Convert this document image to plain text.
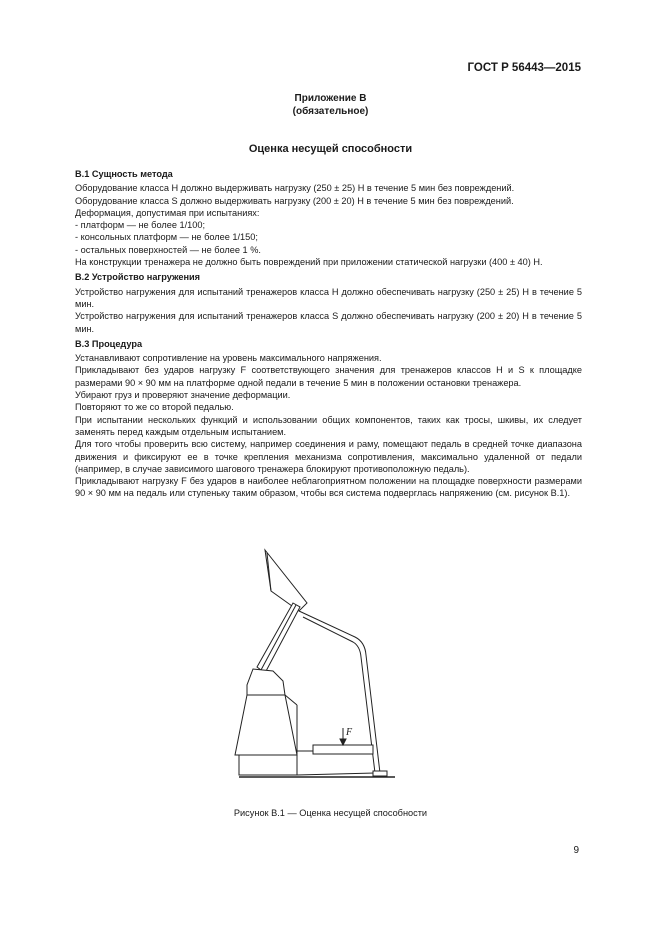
ГОСТ Р 56443—2015
Приложение В
(обязательное)
Оценка несущей способности

В.1 Сущность метода

Оборудование класса H должно выдерживать нагрузку (250 ± 25) Н в течение 5 мин без повреждений.

Оборудование класса S должно выдерживать нагрузку (200 ± 20) Н в течение 5 мин без повреждений.

Деформация, допустимая при испытаниях:

- платформ — не более 1/100;

- консольных платформ — не более 1/150;

- остальных поверхностей — не более 1 %.

На конструкции тренажера не должно быть повреждений при приложении статической нагрузки (400 ± 40) Н.

В.2 Устройство нагружения

Устройство нагружения для испытаний тренажеров класса H должно обеспечивать нагрузку (250 ± 25) Н в течение 5 мин.

Устройство нагружения для испытаний тренажеров класса S должно обеспечивать нагрузку (200 ± 20) Н в течение 5 мин.

В.3 Процедура

Устанавливают сопротивление на уровень максимального напряжения.

Прикладывают без ударов нагрузку F соответствующего значения для тренажеров классов H и S к площадке размерами 90 × 90 мм на платформе одной педали в течение 5 мин в положении остановки тренажера.

Убирают груз и проверяют значение деформации.

Повторяют то же со второй педалью.

При испытании нескольких функций и использовании общих компонентов, таких как тросы, шкивы, их следует заменять перед каждым отдельным испытанием.

Для того чтобы проверить всю систему, например соединения и раму, помещают педаль в средней точке диапазона движения и фиксируют ее в точке крепления механизма сопротивления, максимально удаленной от педали (например, в случае зависимого шагового тренажера блокируют противоположную педаль).

Прикладывают нагрузку F без ударов в наиболее неблагоприятном положении на площадке поверхности размерами 90 × 90 мм на педаль или ступеньку таким образом, чтобы вся система подверглась напряжению (см. рисунок В.1).

F
Рисунок В.1 — Оценка несущей способности
9
